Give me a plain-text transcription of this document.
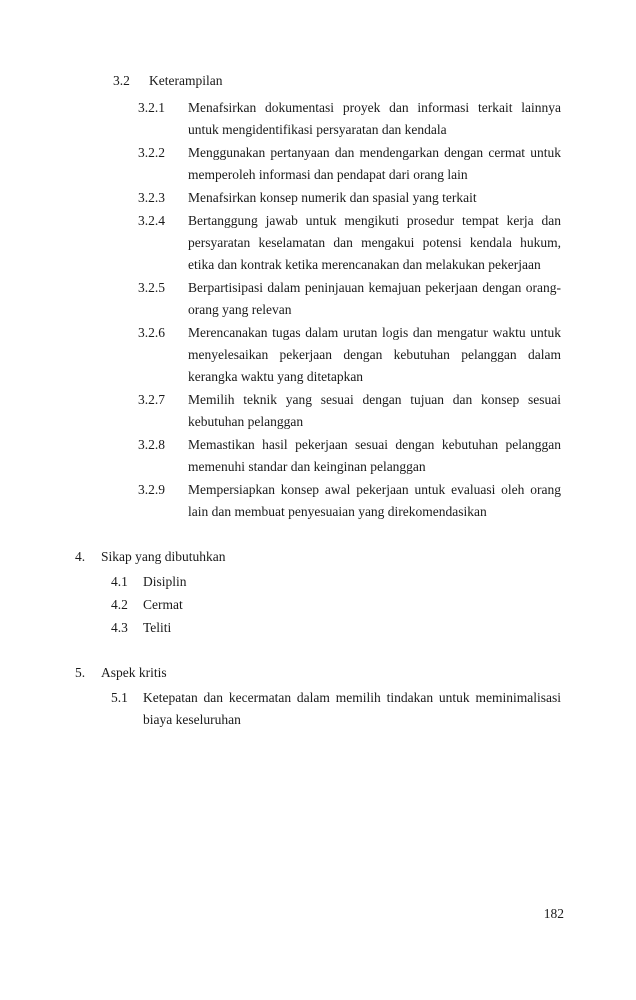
3.2	Keterampilan
3.2.1	Menafsirkan dokumentasi proyek dan informasi terkait lainnya untuk mengidentifikasi persyaratan dan kendala
3.2.2	Menggunakan pertanyaan dan mendengarkan dengan cermat untuk memperoleh informasi dan pendapat dari orang lain
3.2.3	Menafsirkan konsep numerik dan spasial yang terkait
3.2.4	Bertanggung jawab untuk mengikuti prosedur tempat kerja dan persyaratan keselamatan dan mengakui potensi kendala hukum, etika dan kontrak ketika merencanakan dan melakukan pekerjaan
3.2.5	Berpartisipasi dalam peninjauan kemajuan pekerjaan dengan orang-orang yang relevan
3.2.6	Merencanakan tugas dalam urutan logis dan mengatur waktu untuk menyelesaikan pekerjaan dengan kebutuhan pelanggan dalam kerangka waktu yang ditetapkan
3.2.7	Memilih teknik yang sesuai dengan tujuan dan konsep sesuai kebutuhan pelanggan
3.2.8	Memastikan hasil pekerjaan sesuai dengan kebutuhan pelanggan memenuhi standar dan keinginan pelanggan
3.2.9	Mempersiapkan konsep awal pekerjaan untuk evaluasi oleh orang lain dan membuat penyesuaian yang direkomendasikan
4.	Sikap yang dibutuhkan
4.1	Disiplin
4.2	Cermat
4.3	Teliti
5.	Aspek kritis
5.1	Ketepatan dan kecermatan dalam memilih tindakan untuk meminimalisasi biaya keseluruhan
182
